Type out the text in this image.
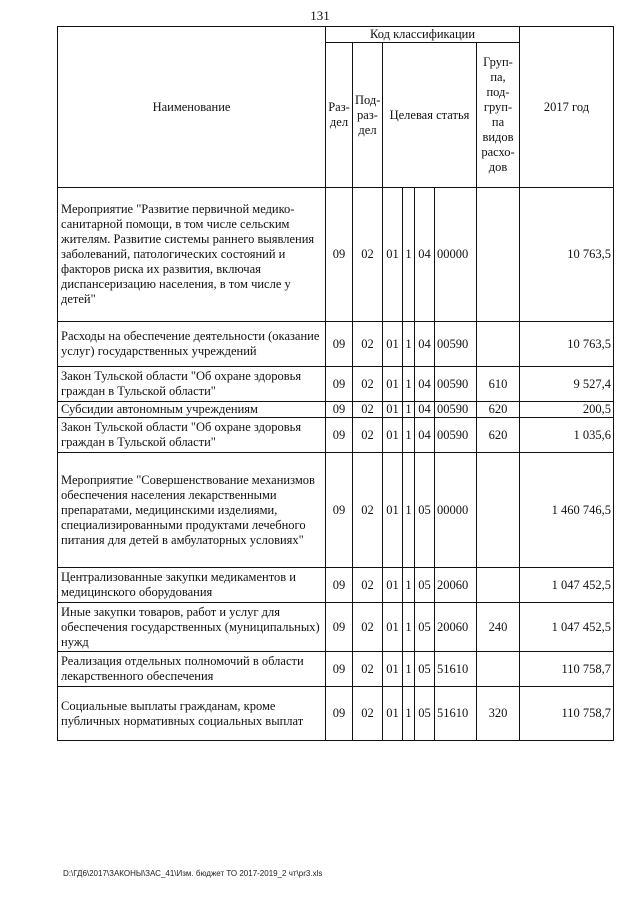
131
Наименование	Код классификации							2017 год
	Раз-дел	Под-раз-дел	Целевая статья				Груп-па, под-груп-па видов расхо-дов	
Мероприятие "Развитие первичной медико-санитарной помощи, в том числе сельским жителям. Развитие системы раннего выявления заболеваний, патологических состояний и факторов риска их развития, включая диспансеризацию населения, в том числе у детей"	09	02	01	1	04	00000		10 763,5
Расходы на обеспечение деятельности (оказание услуг) государственных учреждений	09	02	01	1	04	00590		10 763,5
Закон Тульской области "Об охране здоровья граждан в Тульской области"	09	02	01	1	04	00590	610	9 527,4
Субсидии автономным учреждениям	09	02	01	1	04	00590	620	200,5
Закон Тульской области "Об охране здоровья граждан в Тульской области"	09	02	01	1	04	00590	620	1 035,6
Мероприятие "Совершенствование механизмов обеспечения населения лекарственными препаратами, медицинскими изделиями, специализированными продуктами лечебного питания для детей в амбулаторных условиях"	09	02	01	1	05	00000		1 460 746,5
Централизованные закупки медикаментов и медицинского оборудования	09	02	01	1	05	20060		1 047 452,5
Иные закупки товаров, работ и услуг для обеспечения государственных (муниципальных) нужд	09	02	01	1	05	20060	240	1 047 452,5
Реализация отдельных полномочий в области лекарственного обеспечения	09	02	01	1	05	51610		110 758,7
Социальные выплаты гражданам, кроме публичных нормативных социальных выплат	09	02	01	1	05	51610	320	110 758,7
D:\ГД6\2017\ЗАКОНЫ\ЗАС_41\Изм. бюджет ТО 2017-2019_2 чт\pr3.xls
